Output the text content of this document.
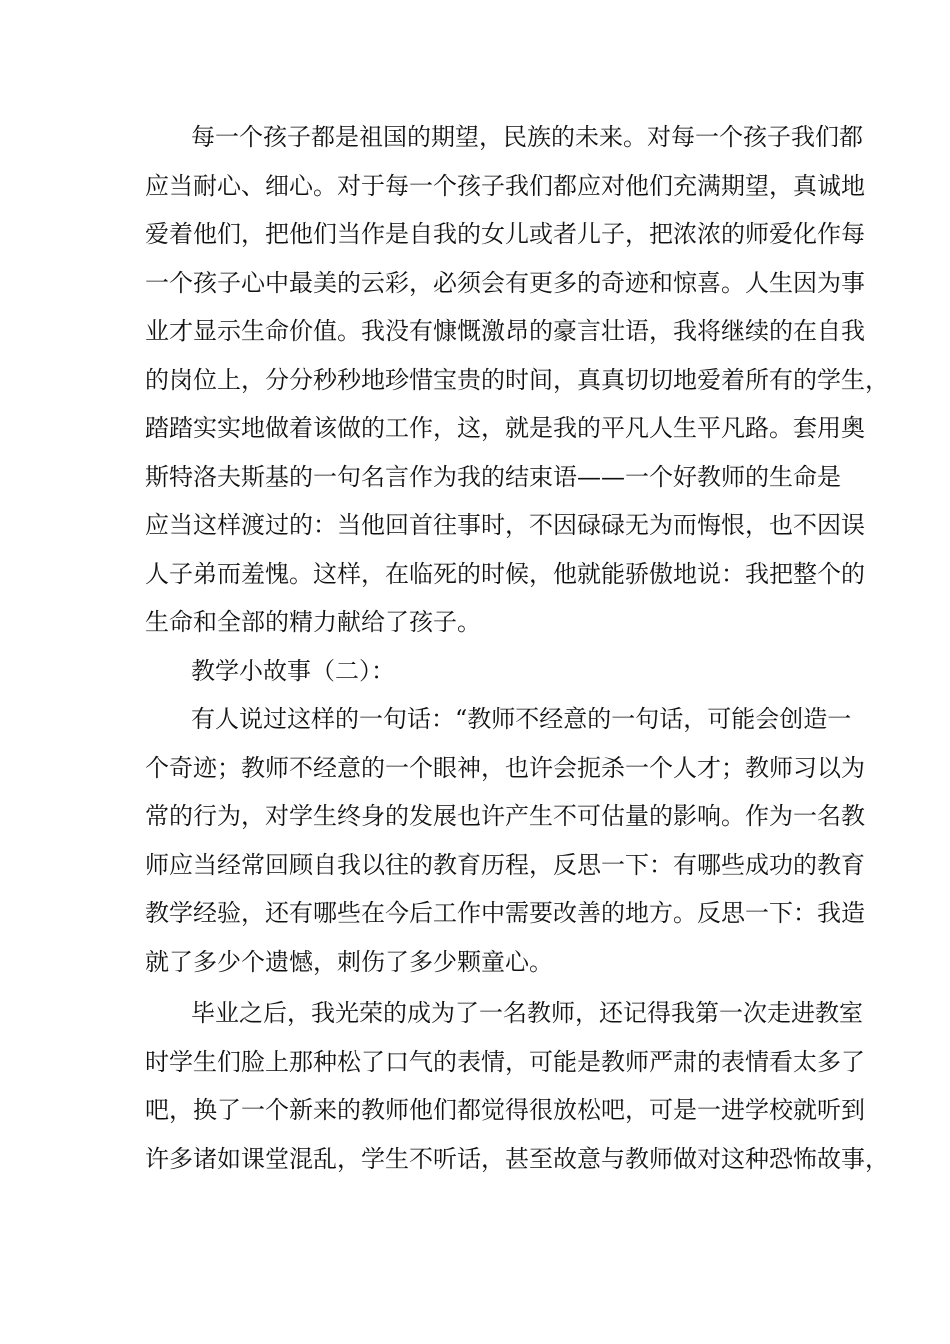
每一个孩子都是祖国的期望，民族的未来。对每一个孩子我们都
应当耐心、细心。对于每一个孩子我们都应对他们充满期望，真诚地
爱着他们，把他们当作是自我的女儿或者儿子，把浓浓的师爱化作每
一个孩子心中最美的云彩，必须会有更多的奇迹和惊喜。人生因为事
业才显示生命价值。我没有慷慨激昂的豪言壮语，我将继续的在自我
的岗位上，分分秒秒地珍惜宝贵的时间，真真切切地爱着所有的学生，
踏踏实实地做着该做的工作，这，就是我的平凡人生平凡路。套用奥
斯特洛夫斯基的一句名言作为我的结束语——一个好教师的生命是
应当这样渡过的：当他回首往事时，不因碌碌无为而悔恨，也不因误
人子弟而羞愧。这样，在临死的时候，他就能骄傲地说：我把整个的
生命和全部的精力献给了孩子。
教学小故事（二）：
有人说过这样的一句话：“教师不经意的一句话，可能会创造一
个奇迹；教师不经意的一个眼神，也许会扼杀一个人才；教师习以为
常的行为，对学生终身的发展也许产生不可估量的影响。作为一名教
师应当经常回顾自我以往的教育历程，反思一下：有哪些成功的教育
教学经验，还有哪些在今后工作中需要改善的地方。反思一下：我造
就了多少个遗憾，刺伤了多少颗童心。
毕业之后，我光荣的成为了一名教师，还记得我第一次走进教室
时学生们脸上那种松了口气的表情，可能是教师严肃的表情看太多了
吧，换了一个新来的教师他们都觉得很放松吧，可是一进学校就听到
许多诸如课堂混乱，学生不听话，甚至故意与教师做对这种恐怖故事，
